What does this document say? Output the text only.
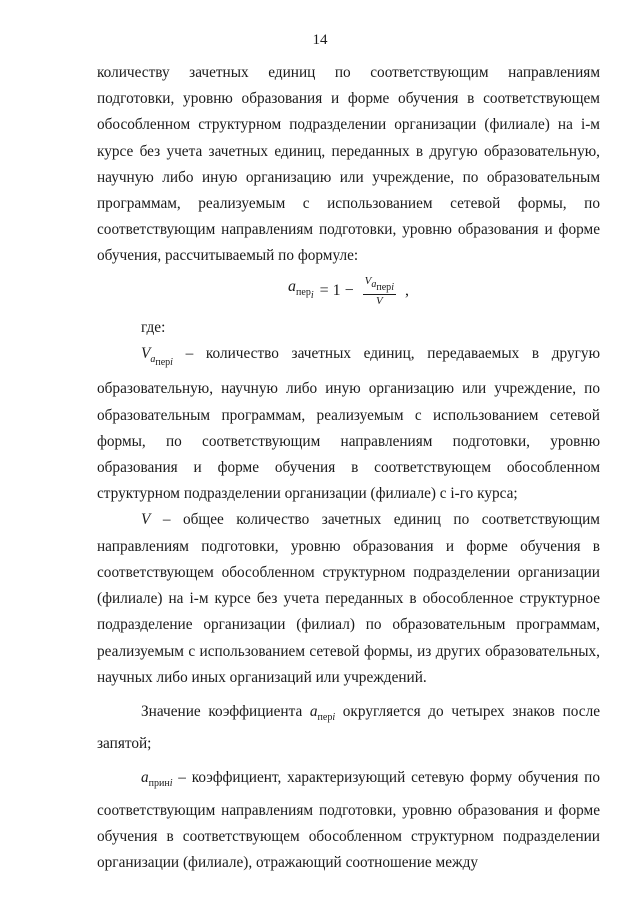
14

количеству зачетных единиц по соответствующим направлениям подготовки, уровню образования и форме обучения в соответствующем обособленном структурном подразделении организации (филиале) на i-м курсе без учета зачетных единиц, переданных в другую образовательную, научную либо иную организацию или учреждение, по образовательным программам, реализуемым с использованием сетевой формы, по соответствующим направлениям подготовки, уровню образования и форме обучения, рассчитываемый по формуле:

$a_{пер_i} = 1 - \frac{V_{a_{перi}}}{V}$ ,

где:

$V_{a_{перi}}$ – количество зачетных единиц, передаваемых в другую образовательную, научную либо иную организацию или учреждение, по образовательным программам, реализуемым с использованием сетевой формы, по соответствующим направлениям подготовки, уровню образования и форме обучения в соответствующем обособленном структурном подразделении организации (филиале) с i-го курса;

V – общее количество зачетных единиц по соответствующим направлениям подготовки, уровню образования и форме обучения в соответствующем обособленном структурном подразделении организации (филиале) на i-м курсе без учета переданных в обособленное структурное подразделение организации (филиал) по образовательным программам, реализуемым с использованием сетевой формы, из других образовательных, научных либо иных организаций или учреждений.

Значение коэффициента $a_{перi}$ округляется до четырех знаков после запятой;

$a_{принi}$ – коэффициент, характеризующий сетевую форму обучения по соответствующим направлениям подготовки, уровню образования и форме обучения в соответствующем обособленном структурном подразделении организации (филиале), отражающий соотношение между
